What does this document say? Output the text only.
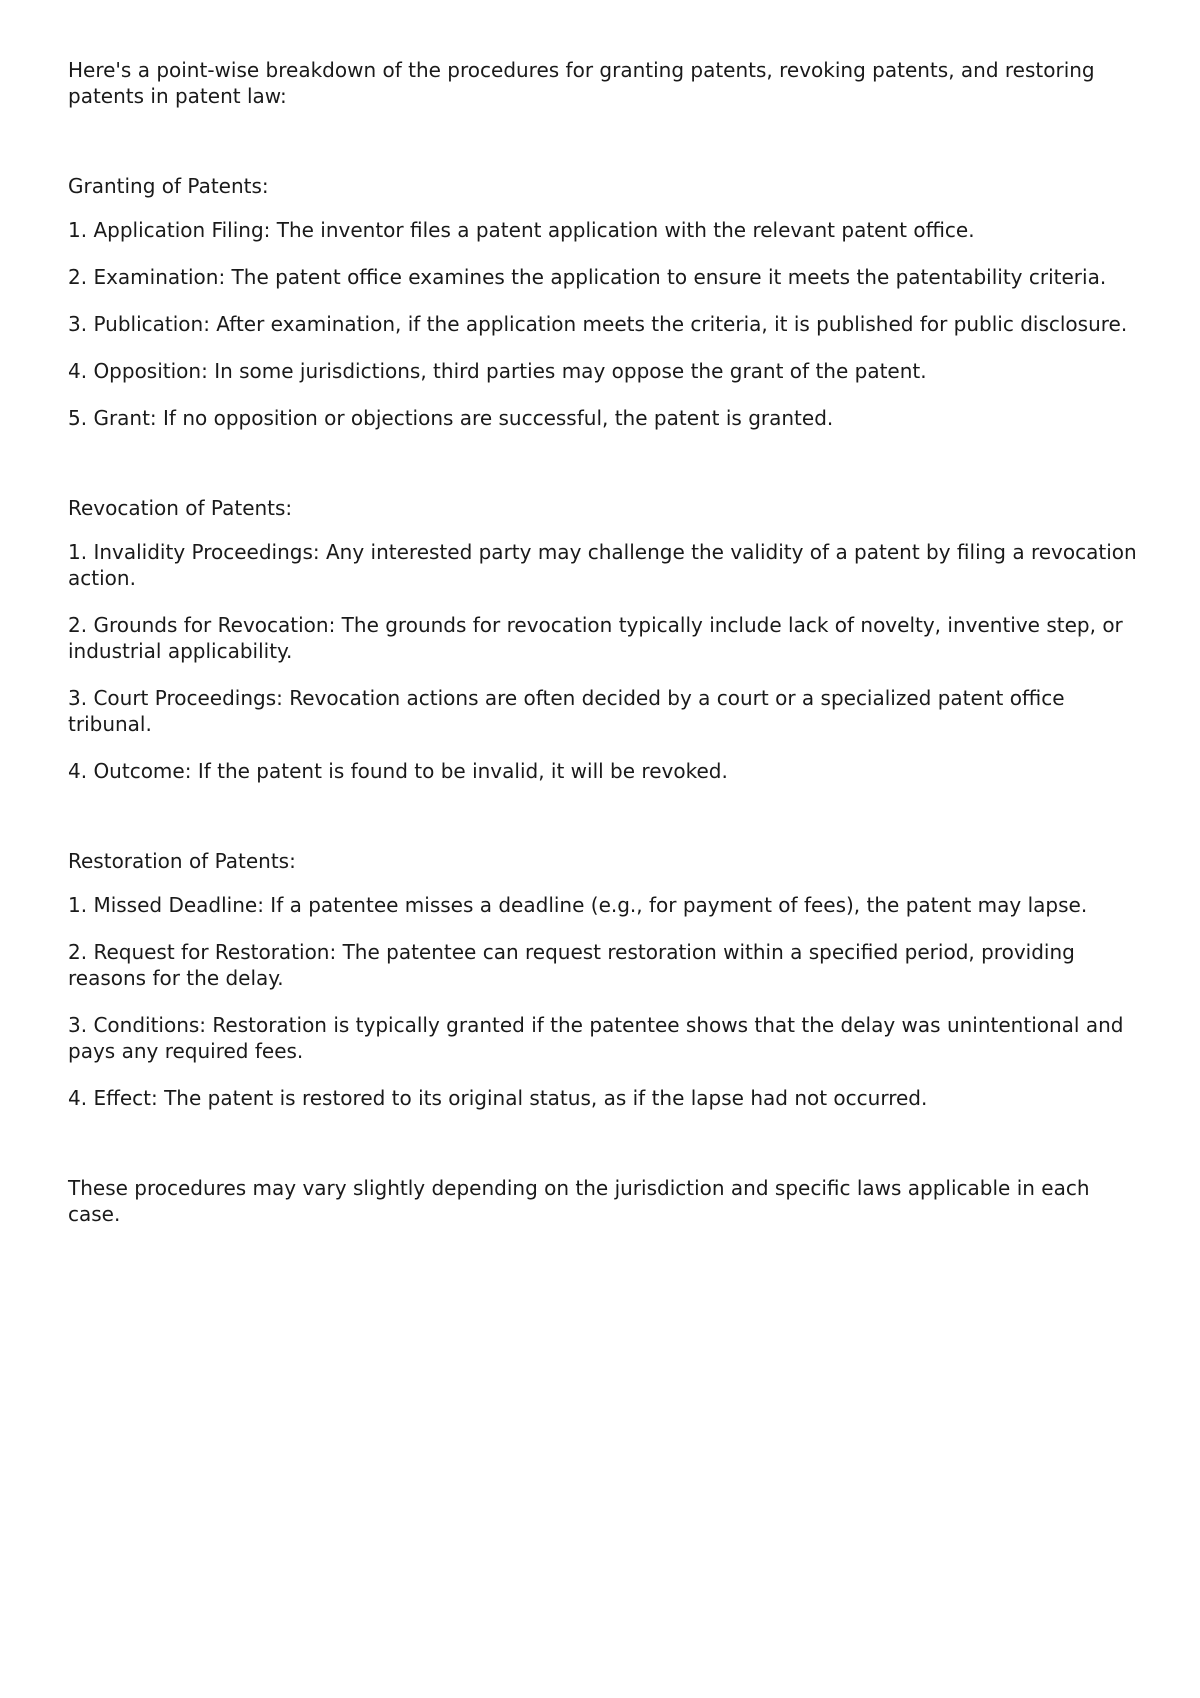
Here's a point-wise breakdown of the procedures for granting patents, revoking patents, and restoring patents in patent law:

Granting of Patents:

1. Application Filing: The inventor files a patent application with the relevant patent office.

2. Examination: The patent office examines the application to ensure it meets the patentability criteria.

3. Publication: After examination, if the application meets the criteria, it is published for public disclosure.

4. Opposition: In some jurisdictions, third parties may oppose the grant of the patent.

5. Grant: If no opposition or objections are successful, the patent is granted.

Revocation of Patents:

1. Invalidity Proceedings: Any interested party may challenge the validity of a patent by filing a revocation action.

2. Grounds for Revocation: The grounds for revocation typically include lack of novelty, inventive step, or industrial applicability.

3. Court Proceedings: Revocation actions are often decided by a court or a specialized patent office tribunal.

4. Outcome: If the patent is found to be invalid, it will be revoked.

Restoration of Patents:

1. Missed Deadline: If a patentee misses a deadline (e.g., for payment of fees), the patent may lapse.

2. Request for Restoration: The patentee can request restoration within a specified period, providing reasons for the delay.

3. Conditions: Restoration is typically granted if the patentee shows that the delay was unintentional and pays any required fees.

4. Effect: The patent is restored to its original status, as if the lapse had not occurred.

These procedures may vary slightly depending on the jurisdiction and specific laws applicable in each case.
